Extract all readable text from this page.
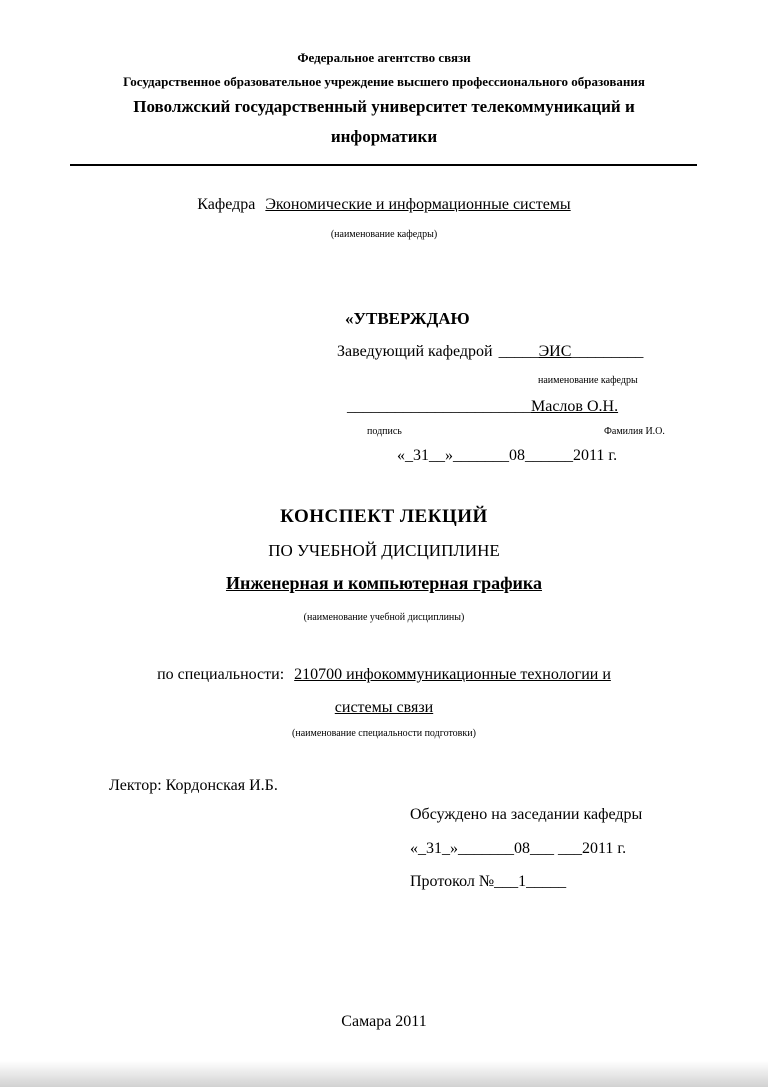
Федеральное агентство связи
Государственное образовательное учреждение высшего профессионального образования
Поволжский государственный университет телекоммуникаций и
информатики
Кафедра Экономические и информационные системы
(наименование кафедры)
«УТВЕРЖДАЮ
Заведующий кафедрой _____ЭИС_________
наименование кафедры
_______________________Маслов О.Н.
подпись	Фамилия И.О.
«_31__»_______08______2011 г.
КОНСПЕКТ ЛЕКЦИЙ
ПО УЧЕБНОЙ ДИСЦИПЛИНЕ
Инженерная и компьютерная графика
(наименование учебной дисциплины)
по специальности: 210700 инфокоммуникационные технологии и
системы связи
(наименование специальности подготовки)
Лектор: Кордонская И.Б.
Обсуждено на заседании кафедры
«_31_»_______08___ ___2011 г.
Протокол №___1_____
Самара 2011
